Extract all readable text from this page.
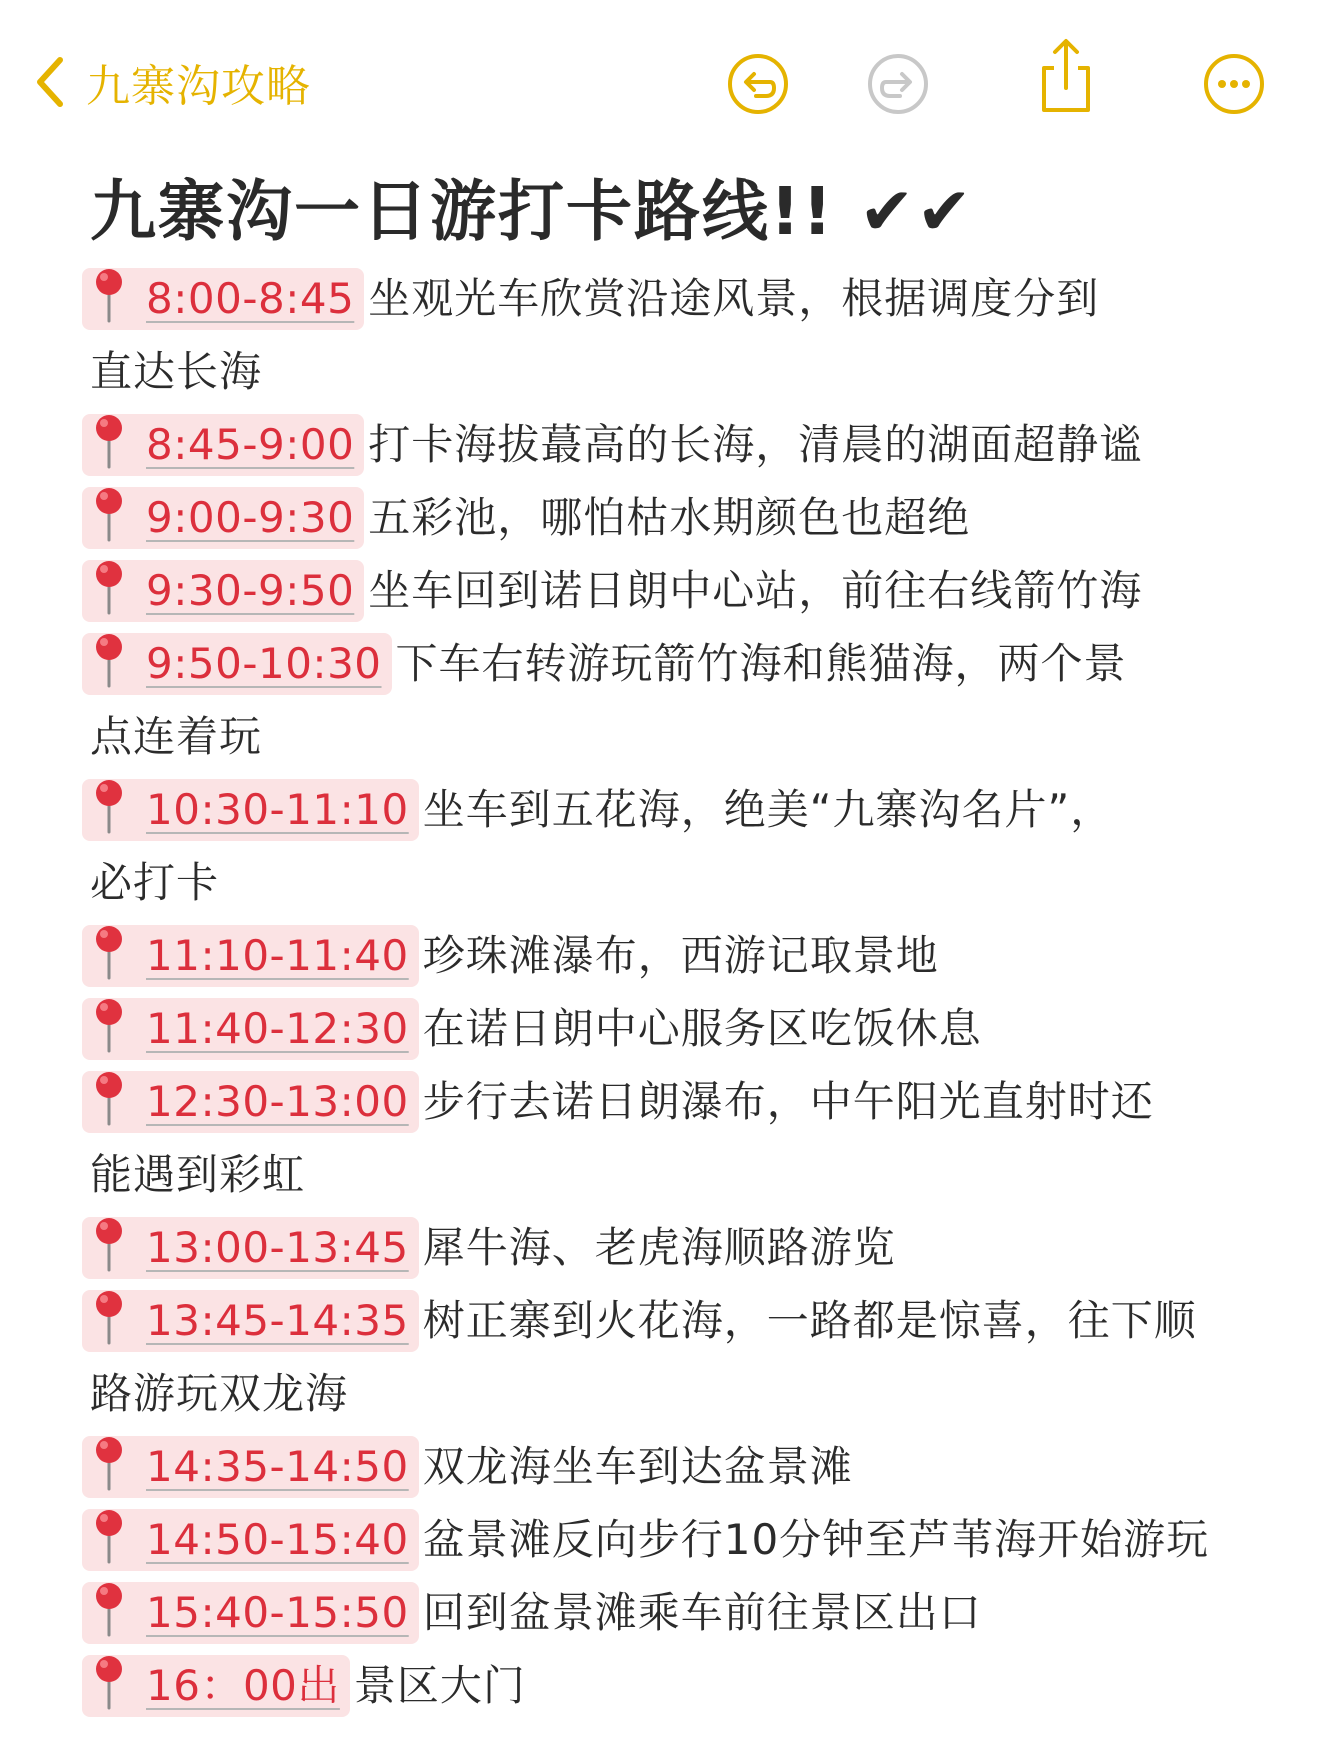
九寨沟攻略
九寨沟一日游打卡路线!! ✔︎✔︎
8:00-8:45 坐观光车欣赏沿途风景，根据调度分到
直达长海
8:45-9:00 打卡海拔蕞高的长海，清晨的湖面超静谧
9:00-9:30 五彩池，哪怕枯水期颜色也超绝
9:30-9:50 坐车回到诺日朗中心站，前往右线箭竹海
9:50-10:30 下车右转游玩箭竹海和熊猫海，两个景
点连着玩
10:30-11:10 坐车到五花海，绝美“九寨沟名片”，
必打卡
11:10-11:40 珍珠滩瀑布，西游记取景地
11:40-12:30 在诺日朗中心服务区吃饭休息
12:30-13:00 步行去诺日朗瀑布，中午阳光直射时还
能遇到彩虹
13:00-13:45 犀牛海、老虎海顺路游览
13:45-14:35 树正寨到火花海，一路都是惊喜，往下顺
路游玩双龙海
14:35-14:50 双龙海坐车到达盆景滩
14:50-15:40 盆景滩反向步行10分钟至芦苇海开始游玩
15:40-15:50 回到盆景滩乘车前往景区出口
16：00出 景区大门
